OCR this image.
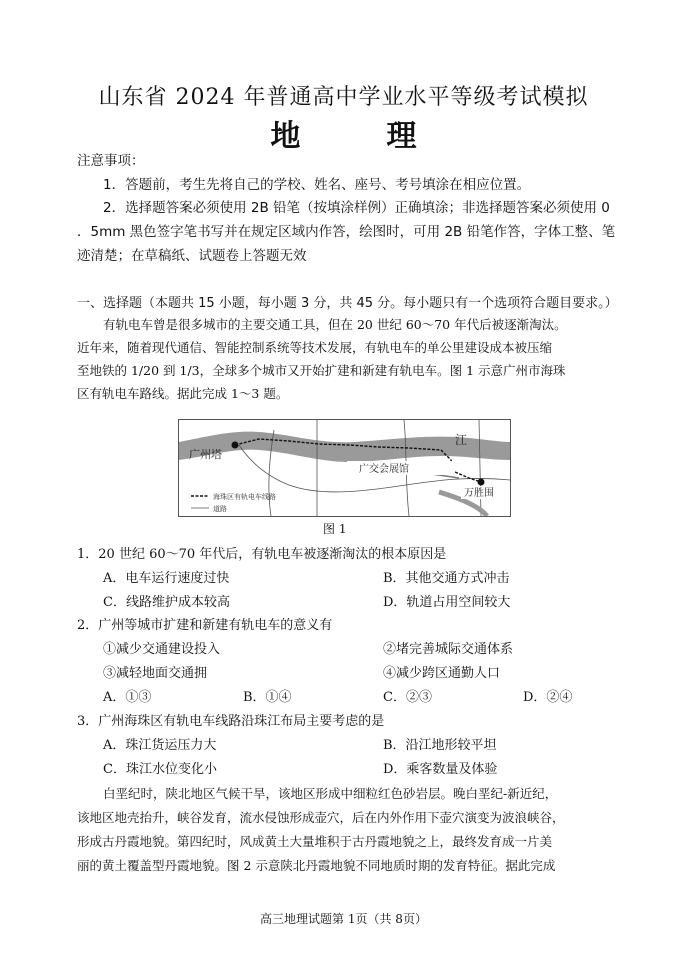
山东省 2024 年普通高中学业水平等级考试模拟
地　理
注意事项：
1．答题前，考生先将自己的学校、姓名、座号、考号填涂在相应位置。
2．选择题答案必须使用 2B 铅笔（按填涂样例）正确填涂；非选择题答案必须使用 0
．5mm 黑色签字笔书写并在规定区域内作答，绘图时，可用 2B 铅笔作答，字体工整、笔
迹清楚；在草稿纸、试题卷上答题无效
一、选择题（本题共 15 小题，每小题 3 分，共 45 分。每小题只有一个选项符合题目要求。）
有轨电车曾是很多城市的主要交通工具，但在 20 世纪 60～70 年代后被逐渐淘汰。
近年来，随着现代通信、智能控制系统等技术发展，有轨电车的单公里建设成本被压缩
至地铁的 1/20 到 1/3，全球多个城市又开始扩建和新建有轨电车。图 1 示意广州市海珠
区有轨电车路线。据此完成 1～3 题。
广州塔
江
广交会展馆
万胜围
海珠区有轨电车线路
道路
图 1
1．20 世纪 60～70 年代后，有轨电车被逐渐淘汰的根本原因是
A．电车运行速度过快	B．其他交通方式冲击
C．线路维护成本较高	D．轨道占用空间较大
2．广州等城市扩建和新建有轨电车的意义有
①减少交通建设投入	②堵完善城际交通体系
③减轻地面交通拥	④减少跨区通勤人口
A．①③	B．①④	C．②③	D．②④
3．广州海珠区有轨电车线路沿珠江布局主要考虑的是
A．珠江货运压力大	B．沿江地形较平坦
C．珠江水位变化小	D．乘客数量及体验
白垩纪时，陕北地区气候干旱，该地区形成中细粒红色砂岩层。晚白垩纪-新近纪，
该地区地壳抬升，峡谷发育，流水侵蚀形成壶穴，后在内外作用下壶穴演变为波浪峡谷，
形成古丹霞地貌。第四纪时，风成黄土大量堆积于古丹霞地貌之上，最终发育成一片美
丽的黄土覆盖型丹霞地貌。图 2 示意陕北丹霞地貌不同地质时期的发育特征。据此完成
高三地理试题第 1页（共 8页）
